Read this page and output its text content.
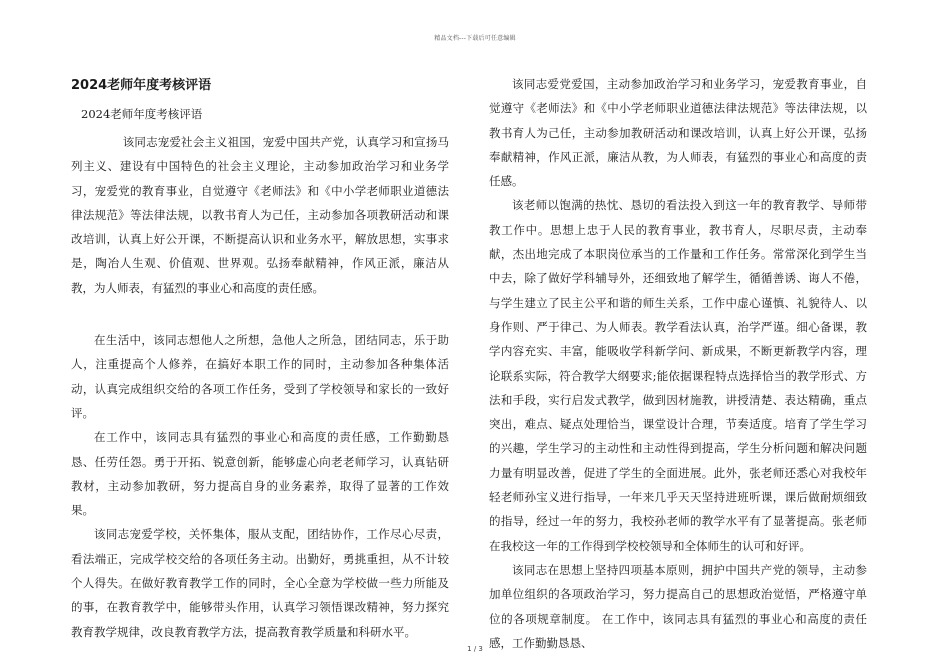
精品文档---下载后可任意编辑
2024老师年度考核评语
2024老师年度考核评语

该同志宠爱社会主义祖国，宠爱中国共产党，认真学习和宣扬马列主义、建设有中国特色的社会主义理论，主动参加政治学习和业务学习，宠爱党的教育事业，自觉遵守《老师法》和《中小学老师职业道德法律法规范》等法律法规，以教书育人为己任，主动参加各项教研活动和课改培训，认真上好公开课，不断提高认识和业务水平，解放思想，实事求是，陶冶人生观、价值观、世界观。弘扬奉献精神，作风正派，廉洁从教，为人师表，有猛烈的事业心和高度的责任感。

在生活中，该同志想他人之所想，急他人之所急，团结同志，乐于助人，注重提高个人修养，在搞好本职工作的同时，主动参加各种集体活动，认真完成组织交给的各项工作任务，受到了学校领导和家长的一致好评。

在工作中，该同志具有猛烈的事业心和高度的责任感，工作勤勤恳恳、任劳任怨。勇于开拓、锐意创新，能够虚心向老老师学习，认真钻研教材，主动参加教研，努力提高自身的业务素养，取得了显著的工作效果。

该同志宠爱学校，关怀集体，服从支配，团结协作，工作尽心尽责，看法端正，完成学校交给的各项任务主动。出勤好，勇挑重担，从不计较个人得失。在做好教育教学工作的同时，全心全意为学校做一些力所能及的事，在教育教学中，能够带头作用，认真学习领悟课改精神，努力探究教育教学规律，改良教育教学方法，提高教育教学质量和科研水平。

该同志爱党爱国，主动参加政治学习和业务学习，宠爱教育事业，自觉遵守《老师法》和《中小学老师职业道德法律法规范》等法律法规，以教书育人为己任，主动参加教研活动和课改培训，认真上好公开课，弘扬奉献精神，作风正派，廉洁从教，为人师表，有猛烈的事业心和高度的责任感。

该老师以饱满的热忱、恳切的看法投入到这一年的教育教学、导师带教工作中。思想上忠于人民的教育事业，教书育人，尽职尽责，主动奉献，杰出地完成了本职岗位承当的工作量和工作任务。常常深化到学生当中去，除了做好学科辅导外，还细致地了解学生，循循善诱、诲人不倦，与学生建立了民主公平和谐的师生关系，工作中虚心谨慎、礼貌待人、以身作则、严于律己、为人师表。教学看法认真，治学严谨。细心备课，教学内容充实、丰富，能吸收学科新学问、新成果，不断更新教学内容，理论联系实际，符合教学大纲要求;能依据课程特点选择恰当的教学形式、方法和手段，实行启发式教学，做到因材施教，讲授清楚、表达精确，重点突出，难点、疑点处理恰当，课堂设计合理，节奏适度。培育了学生学习的兴趣，学生学习的主动性和主动性得到提高，学生分析问题和解决问题力量有明显改善，促进了学生的全面进展。此外，张老师还悉心对我校年轻老师孙宝义进行指导，一年来几乎天天坚持进班听课，课后做耐烦细致的指导，经过一年的努力，我校孙老师的教学水平有了显著提高。张老师在我校这一年的工作得到学校校领导和全体师生的认可和好评。

该同志在思想上坚持四项基本原则，拥护中国共产党的领导，主动参加单位组织的各项政治学习，努力提高自己的思想政治觉悟，严格遵守单位的各项规章制度。 在工作中，该同志具有猛烈的事业心和高度的责任感，工作勤勤恳恳、

1 / 3
